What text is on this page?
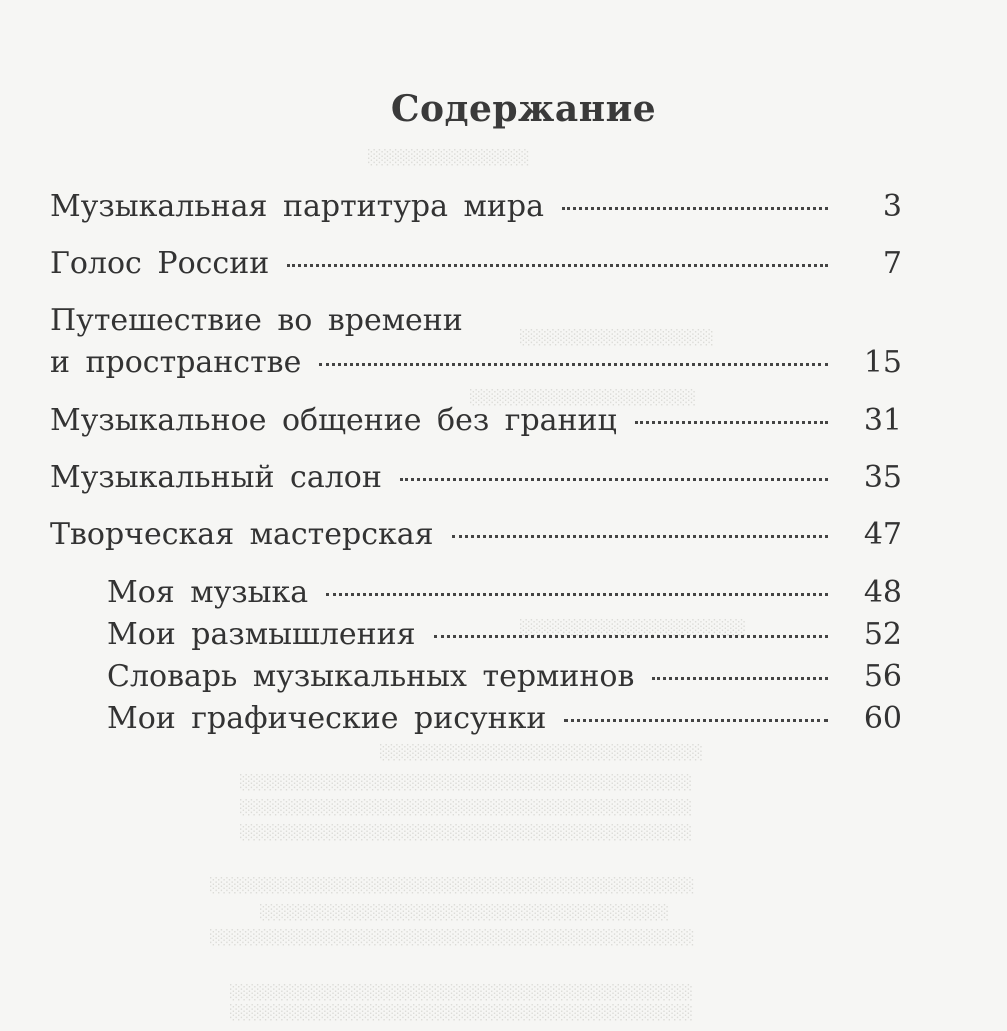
░░░░░░░░░░░░░░░
░░░░░░░░░░░░░░░░░░
░░░░░░░░░░░░░░░░░░░░░
░░░░░░░░░░░░░░░░░░░░░
░░░░░░░░░░░░░░░░░░░░░░░░░░░░░░
░░░░░░░░░░░░░░░░░░░░░░░░░░░░░░░░░░░░░░░░░░
░░░░░░░░░░░░░░░░░░░░░░░░░░░░░░░░░░░░░░░░░░
░░░░░░░░░░░░░░░░░░░░░░░░░░░░░░░░░░░░░░░░░░
░░░░░░░░░░░░░░░░░░░░░░░░░░░░░░░░░░░░░░░░░░░░░
░░░░░░░░░░░░░░░░░░░░░░░░░░░░░░░░░░░░░░
░░░░░░░░░░░░░░░░░░░░░░░░░░░░░░░░░░░░░░░░░░░░░
░░░░░░░░░░░░░░░░░░░░░░░░░░░░░░░░░░░░░░░░░░░
░░░░░░░░░░░░░░░░░░░░░░░░░░░░░░░░░░░░░░░░░░░
Содержание
Музыкальная партитура мира	3
Голос России	7
Путешествие во времени
и пространстве	15
Музыкальное общение без границ	31
Музыкальный салон	35
Творческая мастерская	47
Моя музыка	48
Мои размышления	52
Словарь музыкальных терминов	56
Мои графические рисунки	60
